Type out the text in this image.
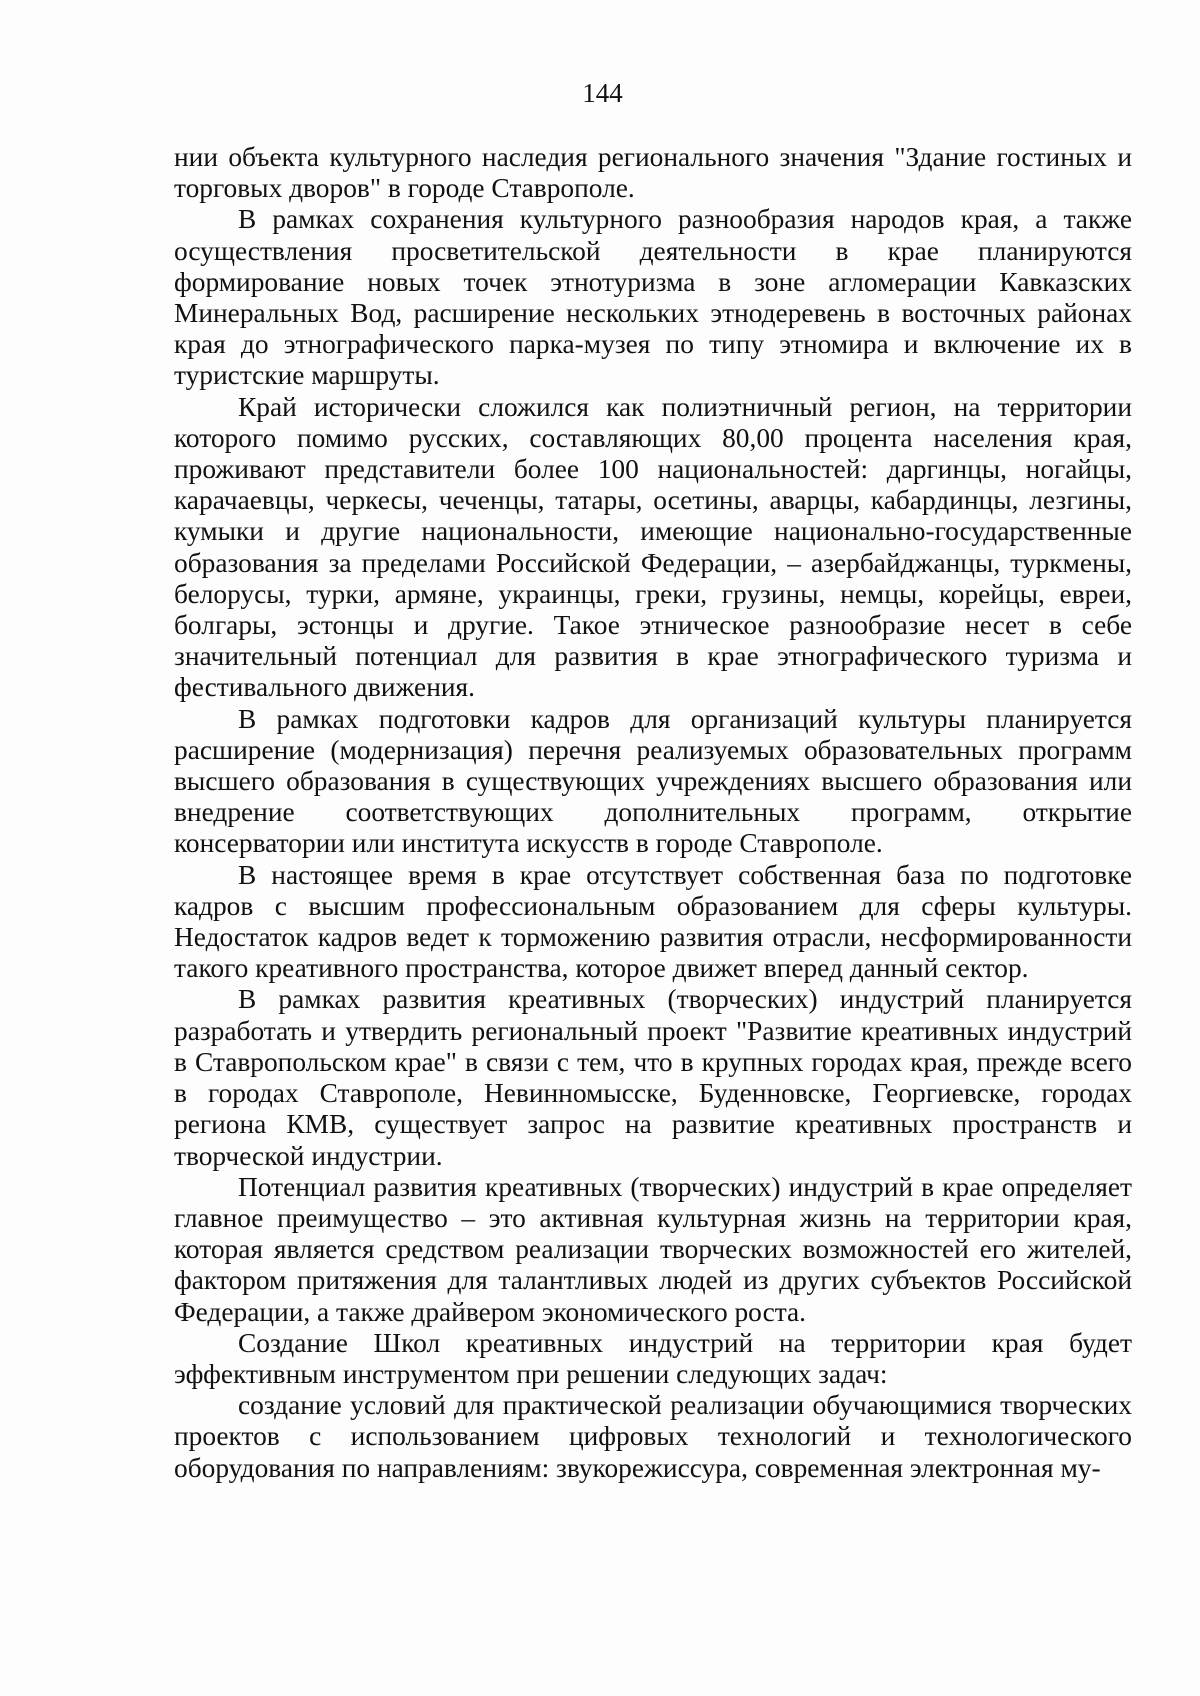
144

нии объекта культурного наследия регионального значения "Здание гостиных и торговых дворов" в городе Ставрополе.

В рамках сохранения культурного разнообразия народов края, а также осуществления просветительской деятельности в крае планируются формирование новых точек этнотуризма в зоне агломерации Кавказских Минеральных Вод, расширение нескольких этнодеревень в восточных районах края до этнографического парка-музея по типу этномира и включение их в туристские маршруты.

Край исторически сложился как полиэтничный регион, на территории которого помимо русских, составляющих 80,00 процента населения края, проживают представители более 100 национальностей: даргинцы, ногайцы, карачаевцы, черкесы, чеченцы, татары, осетины, аварцы, кабардинцы, лезгины, кумыки и другие национальности, имеющие национально-государственные образования за пределами Российской Федерации, – азербайджанцы, туркмены, белорусы, турки, армяне, украинцы, греки, грузины, немцы, корейцы, евреи, болгары, эстонцы и другие. Такое этническое разнообразие несет в себе значительный потенциал для развития в крае этнографического туризма и фестивального движения.

В рамках подготовки кадров для организаций культуры планируется расширение (модернизация) перечня реализуемых образовательных программ высшего образования в существующих учреждениях высшего образования или внедрение соответствующих дополнительных программ, открытие консерватории или института искусств в городе Ставрополе.

В настоящее время в крае отсутствует собственная база по подготовке кадров с высшим профессиональным образованием для сферы культуры. Недостаток кадров ведет к торможению развития отрасли, несформированности такого креативного пространства, которое движет вперед данный сектор.

В рамках развития креативных (творческих) индустрий планируется разработать и утвердить региональный проект "Развитие креативных индустрий в Ставропольском крае" в связи с тем, что в крупных городах края, прежде всего в городах Ставрополе, Невинномысске, Буденновске, Георгиевске, городах региона КМВ, существует запрос на развитие креативных пространств и творческой индустрии.

Потенциал развития креативных (творческих) индустрий в крае определяет главное преимущество – это активная культурная жизнь на территории края, которая является средством реализации творческих возможностей его жителей, фактором притяжения для талантливых людей из других субъектов Российской Федерации, а также драйвером экономического роста.

Создание Школ креативных индустрий на территории края будет эффективным инструментом при решении следующих задач:

создание условий для практической реализации обучающимися творческих проектов с использованием цифровых технологий и технологического оборудования по направлениям: звукорежиссура, современная электронная му-
